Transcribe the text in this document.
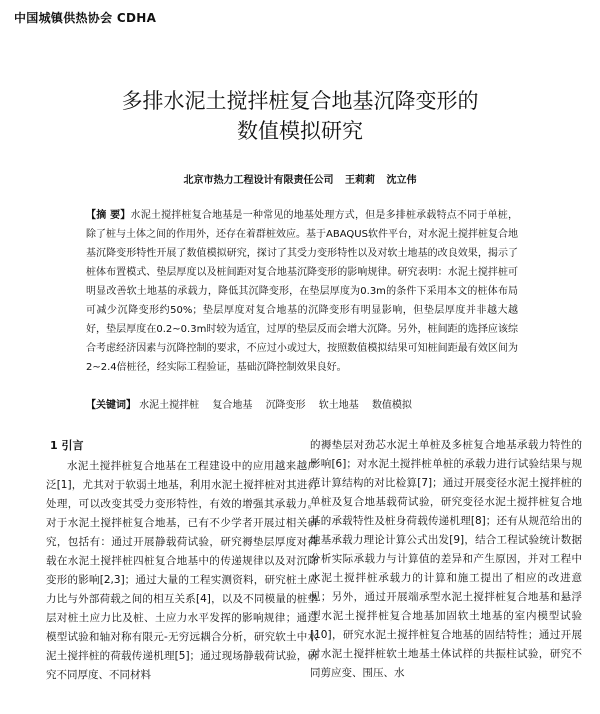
中国城镇供热协会 CDHA
多排水泥土搅拌桩复合地基沉降变形的
数值模拟研究
北京市热力工程设计有限责任公司 王莉莉 沈立伟
【摘 要】水泥土搅拌桩复合地基是一种常见的地基处理方式，但是多排桩承载特点不同于单桩，除了桩与土体之间的作用外，还存在着群桩效应。基于ABAQUS软件平台，对水泥土搅拌桩复合地基沉降变形特性开展了数值模拟研究，探讨了其受力变形特性以及对软土地基的改良效果，揭示了桩体布置模式、垫层厚度以及桩间距对复合地基沉降变形的影响规律。研究表明：水泥土搅拌桩可明显改善软土地基的承载力，降低其沉降变形，在垫层厚度为0.3m的条件下采用本文的桩体布局可减少沉降变形约50%；垫层厚度对复合地基的沉降变形有明显影响，但垫层厚度并非越大越好，垫层厚度在0.2~0.3m时较为适宜，过厚的垫层反而会增大沉降。另外，桩间距的选择应该综合考虑经济因素与沉降控制的要求，不应过小或过大，按照数值模拟结果可知桩间距最有效区间为2~2.4倍桩径，经实际工程验证，基础沉降控制效果良好。
【关键词】 水泥土搅拌桩 复合地基 沉降变形 软土地基 数值模拟
1 引言

水泥土搅拌桩复合地基在工程建设中的应用越来越广泛[1]，尤其对于软弱土地基，利用水泥土搅拌桩对其进行处理，可以改变其受力变形特性，有效的增强其承载力。对于水泥土搅拌桩复合地基，已有不少学者开展过相关研究，包括有：通过开展静载荷试验，研究褥垫层厚度对荷载在水泥土搅拌桩四桩复合地基中的传递规律以及对沉降变形的影响[2,3]；通过大量的工程实测资料，研究桩土应力比与外部荷载之间的相互关系[4]，以及不同模量的桩垫层对桩土应力比及桩、土应力水平发挥的影响规律；通过模型试验和轴对称有限元-无穷远耦合分析，研究软土中水泥土搅拌桩的荷载传递机理[5]；通过现场静载荷试验，研究不同厚度、不同材料

的褥垫层对劲芯水泥土单桩及多桩复合地基承载力特性的影响[6]；对水泥土搅拌桩单桩的承载力进行试验结果与规范计算结构的对比检算[7]；通过开展变径水泥土搅拌桩的单桩及复合地基载荷试验，研究变径水泥土搅拌桩复合地基的承载特性及桩身荷载传递机理[8]；还有从规范给出的地基承载力理论计算公式出发[9]，结合工程试验统计数据分析实际承载力与计算值的差异和产生原因，并对工程中水泥土搅拌桩承载力的计算和施工提出了相应的改进意见；另外，通过开展端承型水泥土搅拌桩复合地基和悬浮型水泥土搅拌桩复合地基加固软土地基的室内模型试验[10]，研究水泥土搅拌桩复合地基的固结特性；通过开展对水泥土搅拌桩软土地基土体试样的共振柱试验，研究不同剪应变、围压、水
